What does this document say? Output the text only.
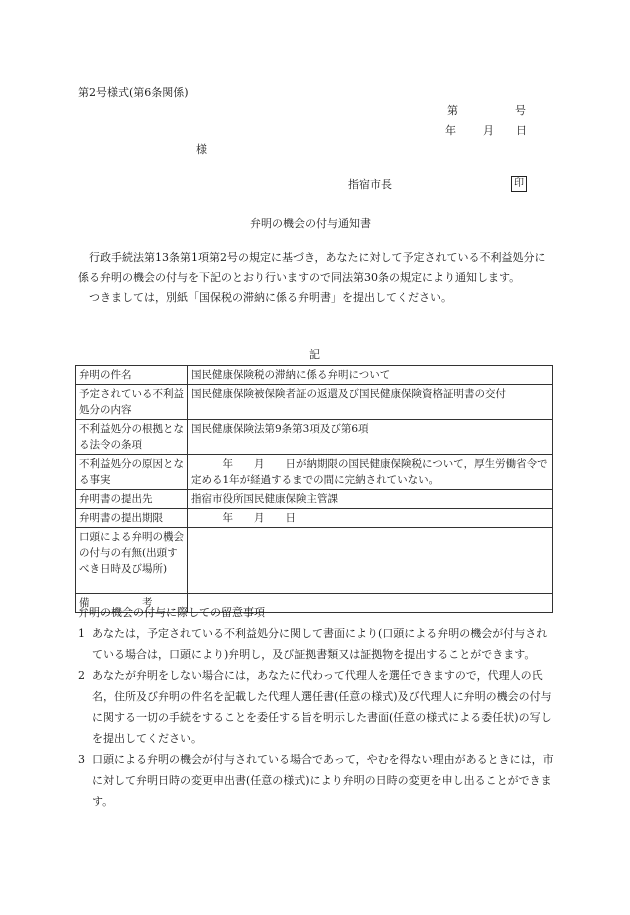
第2号様式(第6条関係)
第	号
年 月 日
様
指宿市長	印
弁明の機会の付与通知書

行政手続法第13条第1項第2号の規定に基づき，あなたに対して予定されている不利益処分に係る弁明の機会の付与を下記のとおり行いますので同法第30条の規定により通知します。

つきましては，別紙「国保税の滞納に係る弁明書」を提出してください。

記
弁明の件名	国民健康保険税の滞納に係る弁明について
予定されている不利益処分の内容	国民健康保険被保険者証の返還及び国民健康保険資格証明書の交付
不利益処分の根拠となる法令の条項	国民健康保険法第9条第3項及び第6項
不利益処分の原因となる事実	　　　年　　月　　日が納期限の国民健康保険税について，厚生労働省令で定める1年が経過するまでの間に完納されていない。
弁明書の提出先	指宿市役所国民健康保険主管課
弁明書の提出期限	　　　年　　月　　日
口頭による弁明の機会の付与の有無(出頭すべき日時及び場所)	
備　　　　　考	
弁明の機会の付与に際しての留意事項
1 あなたは，予定されている不利益処分に関して書面により(口頭による弁明の機会が付与されている場合は，口頭により)弁明し，及び証拠書類又は証拠物を提出することができます。
2 あなたが弁明をしない場合には，あなたに代わって代理人を選任できますので，代理人の氏名，住所及び弁明の件名を記載した代理人選任書(任意の様式)及び代理人に弁明の機会の付与に関する一切の手続をすることを委任する旨を明示した書面(任意の様式による委任状)の写しを提出してください。
3 口頭による弁明の機会が付与されている場合であって，やむを得ない理由があるときには，市に対して弁明日時の変更申出書(任意の様式)により弁明の日時の変更を申し出ることができます。
